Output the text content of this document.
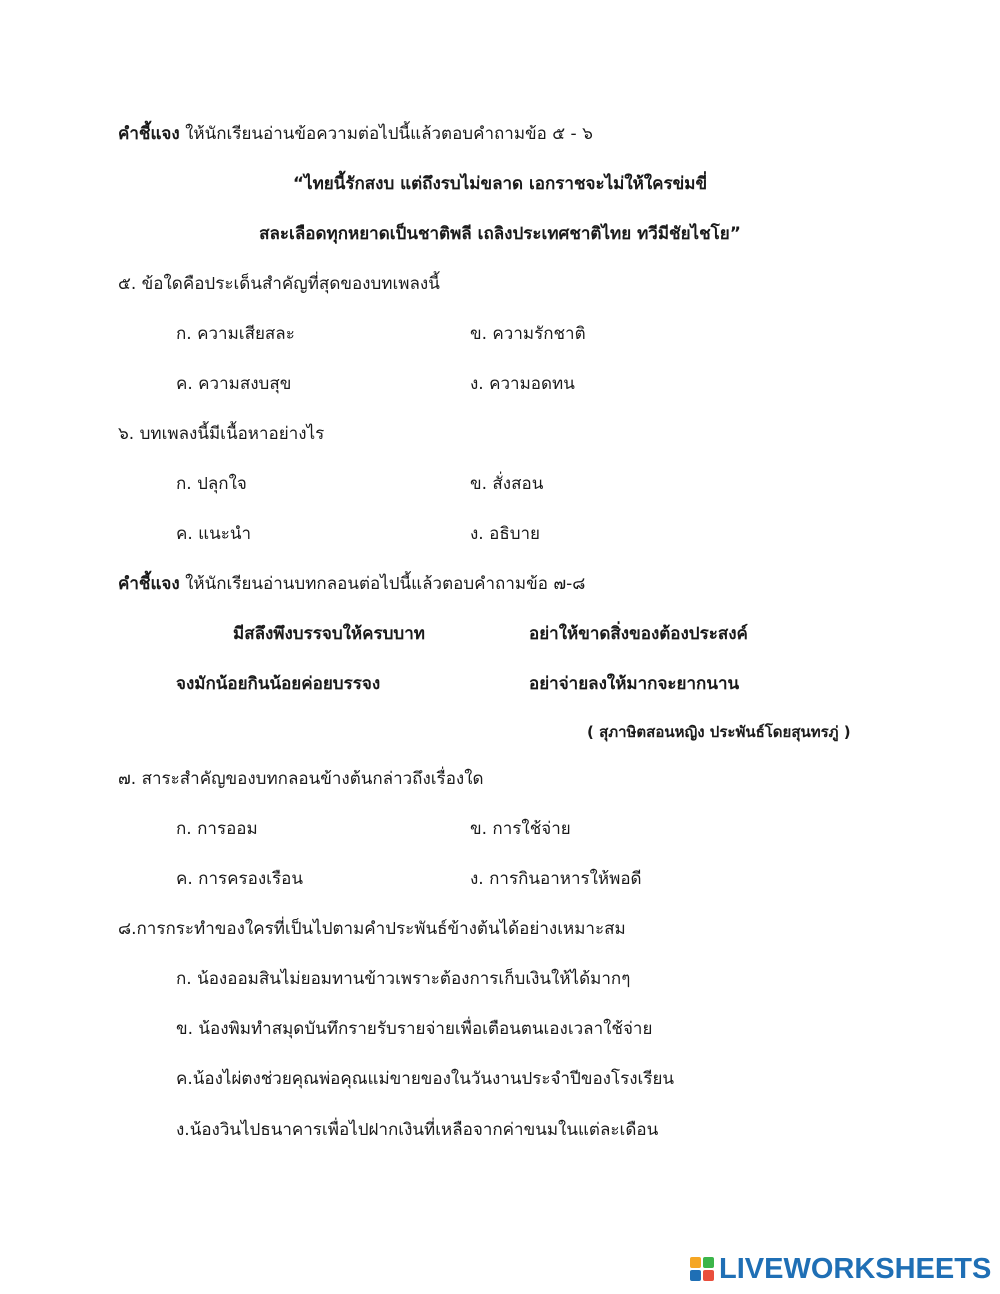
คำชี้แจง ให้นักเรียนอ่านข้อความต่อไปนี้แล้วตอบคำถามข้อ ๕ - ๖
“ไทยนี้รักสงบ แต่ถึงรบไม่ขลาด เอกราชจะไม่ให้ใครข่มขี่
สละเลือดทุกหยาดเป็นชาติพลี เถลิงประเทศชาติไทย ทวีมีชัยไชโย”
๕. ข้อใดคือประเด็นสำคัญที่สุดของบทเพลงนี้
ก. ความเสียสละ	ข. ความรักชาติ
ค. ความสงบสุข	ง. ความอดทน
๖. บทเพลงนี้มีเนื้อหาอย่างไร
ก. ปลุกใจ	ข. สั่งสอน
ค. แนะนำ	ง. อธิบาย
คำชี้แจง ให้นักเรียนอ่านบทกลอนต่อไปนี้แล้วตอบคำถามข้อ ๗-๘
มีสลึงพึงบรรจบให้ครบบาท	อย่าให้ขาดสิ่งของต้องประสงค์
จงมักน้อยกินน้อยค่อยบรรจง	อย่าจ่ายลงให้มากจะยากนาน
( สุภาษิตสอนหญิง ประพันธ์โดยสุนทรภู่ )
๗. สาระสำคัญของบทกลอนข้างต้นกล่าวถึงเรื่องใด
ก. การออม	ข. การใช้จ่าย
ค. การครองเรือน	ง. การกินอาหารให้พอดี
๘.การกระทำของใครที่เป็นไปตามคำประพันธ์ข้างต้นได้อย่างเหมาะสม
ก. น้องออมสินไม่ยอมทานข้าวเพราะต้องการเก็บเงินให้ได้มากๆ
ข. น้องพิมทำสมุดบันทึกรายรับรายจ่ายเพื่อเตือนตนเองเวลาใช้จ่าย
ค.น้องไผ่ตงช่วยคุณพ่อคุณแม่ขายของในวันงานประจำปีของโรงเรียน
ง.น้องวินไปธนาคารเพื่อไปฝากเงินที่เหลือจากค่าขนมในแต่ละเดือน
LIVEWORKSHEETS
